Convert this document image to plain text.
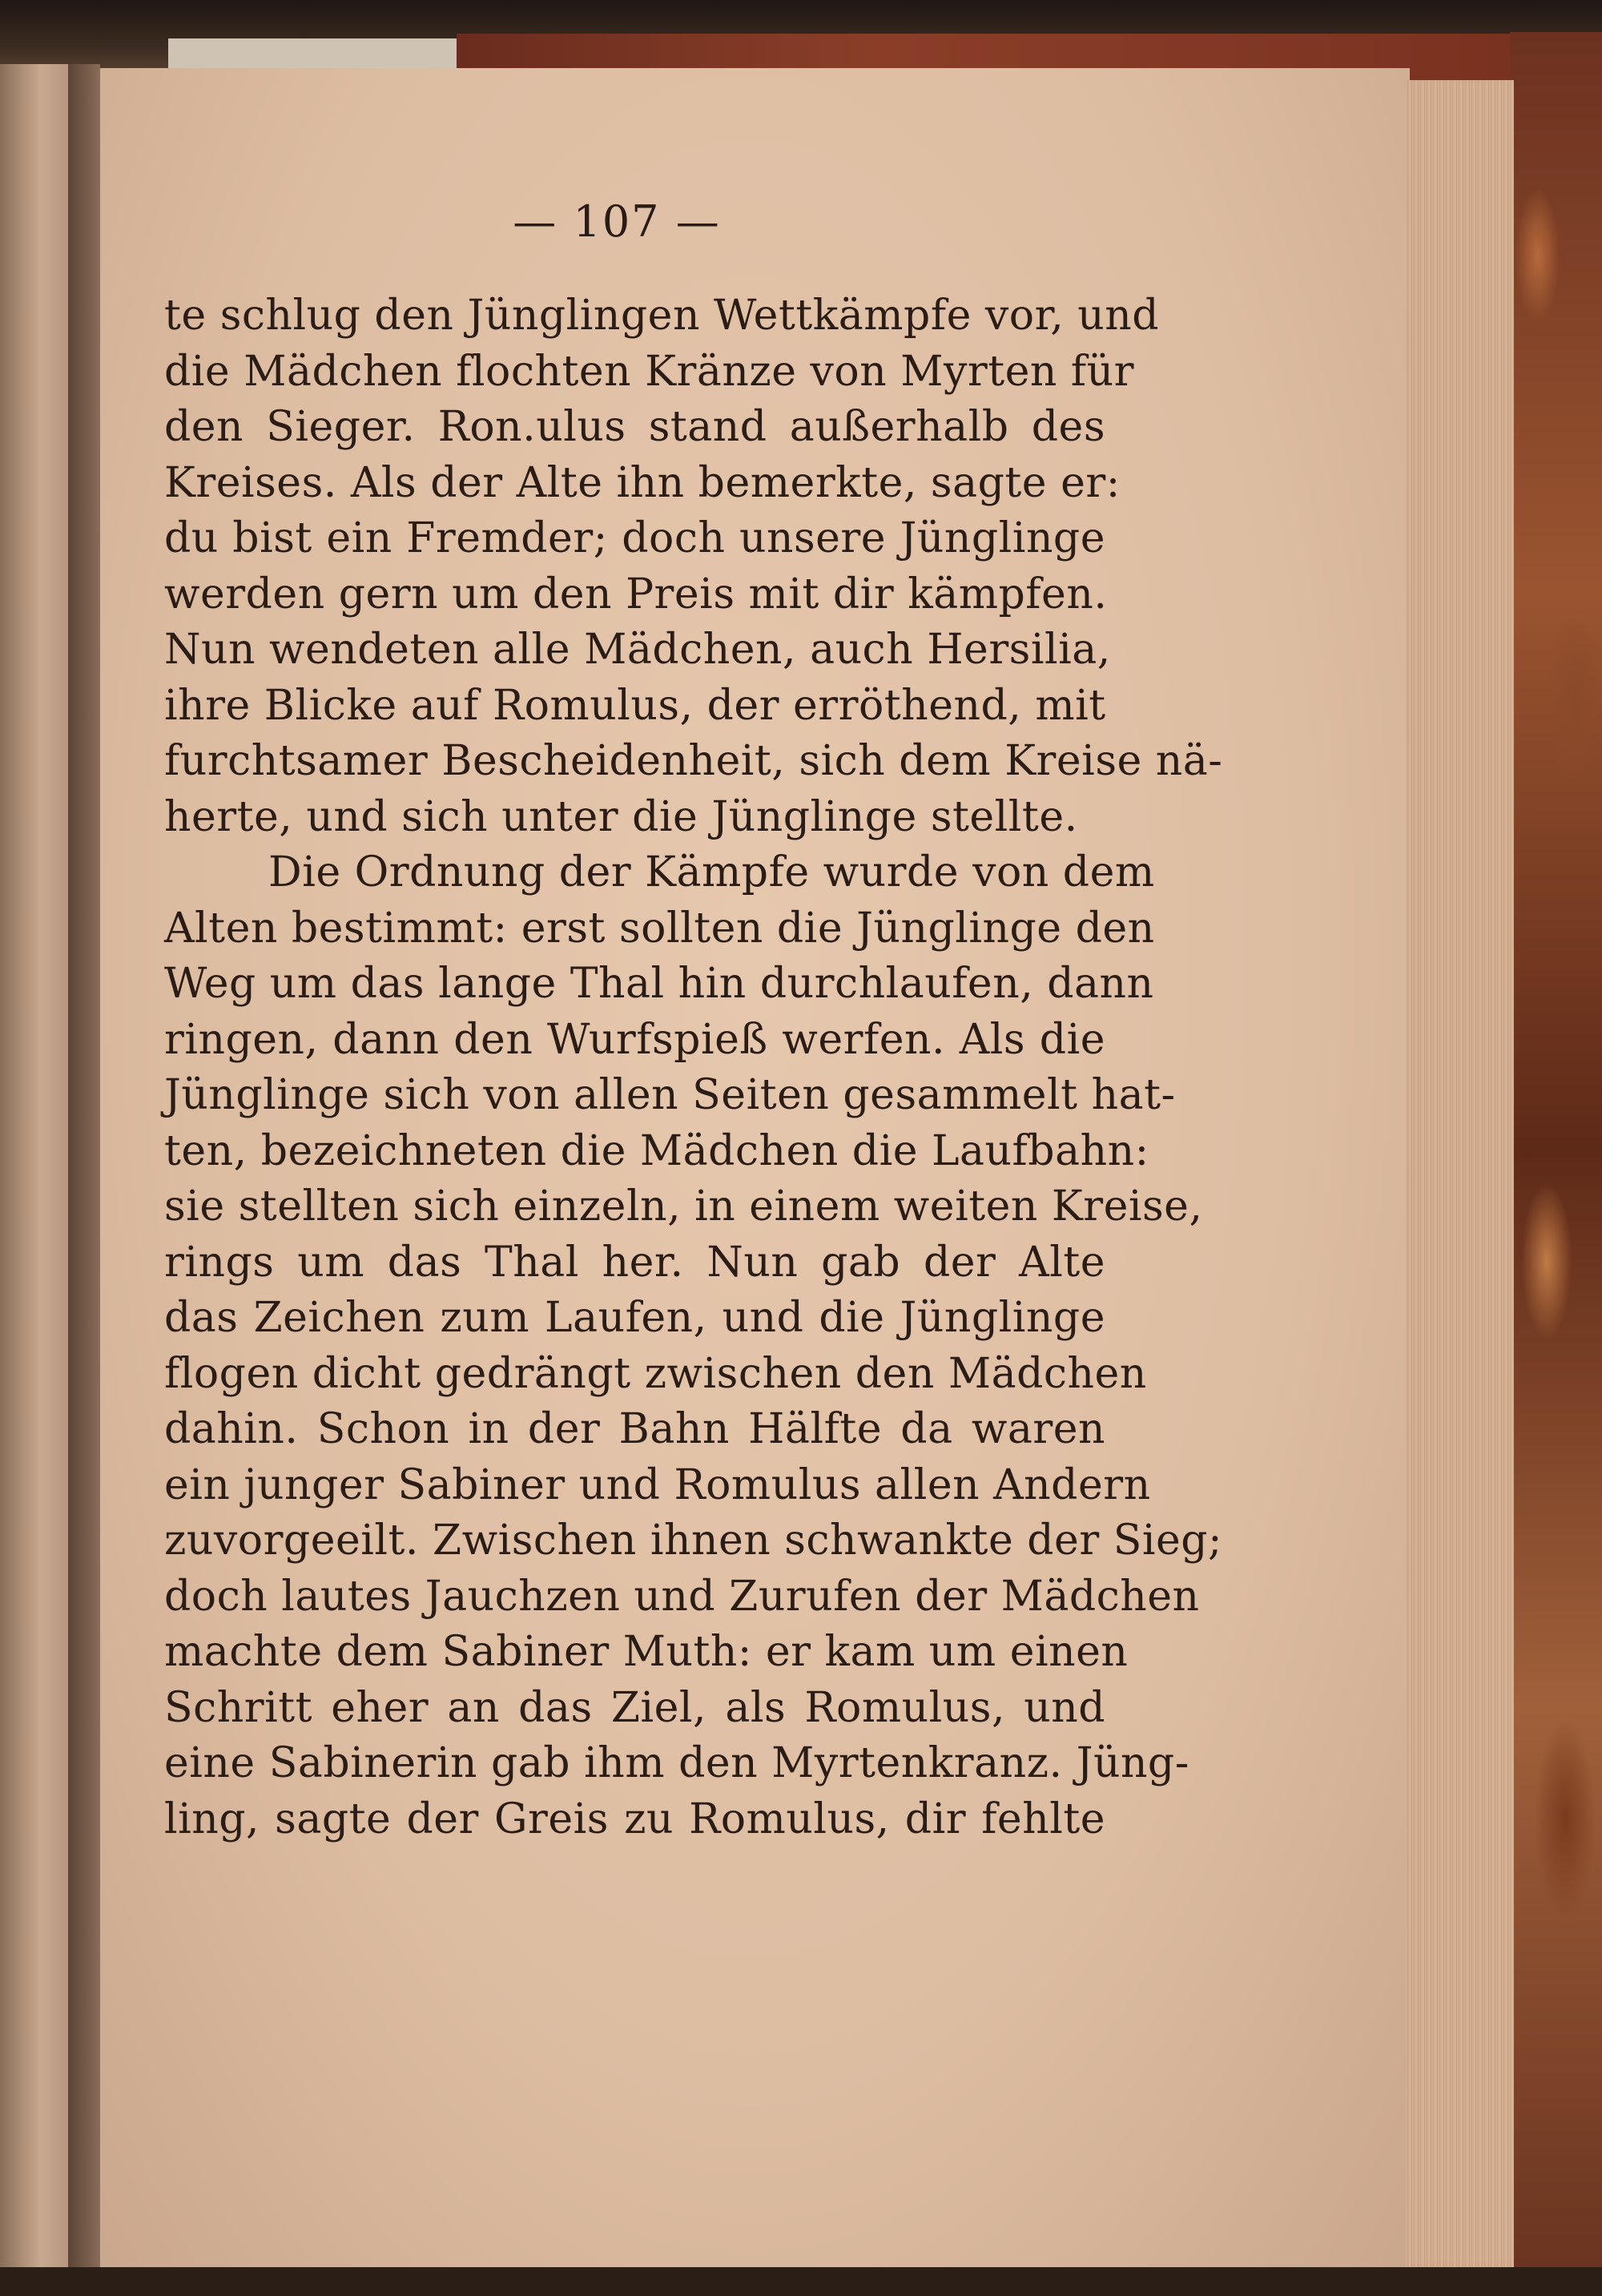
— 107 —
te schlug den Jünglingen Wettkämpfe vor, und
die Mädchen flochten Kränze von Myrten für
den Sieger. Ron.ulus stand außerhalb des
Kreises. Als der Alte ihn bemerkte, sagte er:
du bist ein Fremder; doch unsere Jünglinge
werden gern um den Preis mit dir kämpfen.
Nun wendeten alle Mädchen, auch Hersilia,
ihre Blicke auf Romulus, der erröthend, mit
furchtsamer Bescheidenheit, sich dem Kreise nä-
herte, und sich unter die Jünglinge stellte.
Die Ordnung der Kämpfe wurde von dem
Alten bestimmt: erst sollten die Jünglinge den
Weg um das lange Thal hin durchlaufen, dann
ringen, dann den Wurfspieß werfen. Als die
Jünglinge sich von allen Seiten gesammelt hat-
ten, bezeichneten die Mädchen die Laufbahn:
sie stellten sich einzeln, in einem weiten Kreise,
rings um das Thal her. Nun gab der Alte
das Zeichen zum Laufen, und die Jünglinge
flogen dicht gedrängt zwischen den Mädchen
dahin. Schon in der Bahn Hälfte da waren
ein junger Sabiner und Romulus allen Andern
zuvorgeeilt. Zwischen ihnen schwankte der Sieg;
doch lautes Jauchzen und Zurufen der Mädchen
machte dem Sabiner Muth: er kam um einen
Schritt eher an das Ziel, als Romulus, und
eine Sabinerin gab ihm den Myrtenkranz. Jüng-
ling, sagte der Greis zu Romulus, dir fehlte
